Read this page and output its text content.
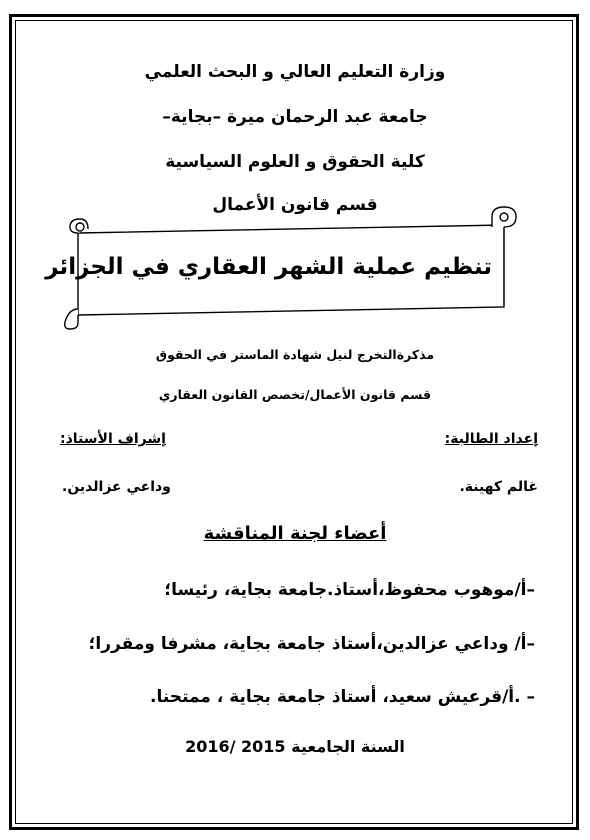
وزارة التعليم العالي و البحث العلمي
جامعة عبد الرحمان ميرة –بجاية–
كلية الحقوق و العلوم السياسية
قسم قانون الأعمال
تنظيم عملية الشهر العقاري في الجزائر
مذكرةالتخرج لنيل شهادة الماستر في الحقوق
قسم قانون الأعمال/تخصص القانون العقاري
إعداد الطالبة:
إشراف الأستاذ:
غالم كهينة.
وداعي عزالدين.
أعضاء لجنة المناقشة
–أ/موهوب محفوظ،أستاذ.جامعة بجاية، رئيسا؛
–أ/ وداعي عزالدين،أستاذ جامعة بجاية، مشرفا ومقررا؛
– .أ/قرعيش سعيد، أستاذ جامعة بجاية ، ممتحنا.
السنة الجامعية 2015 /2016
